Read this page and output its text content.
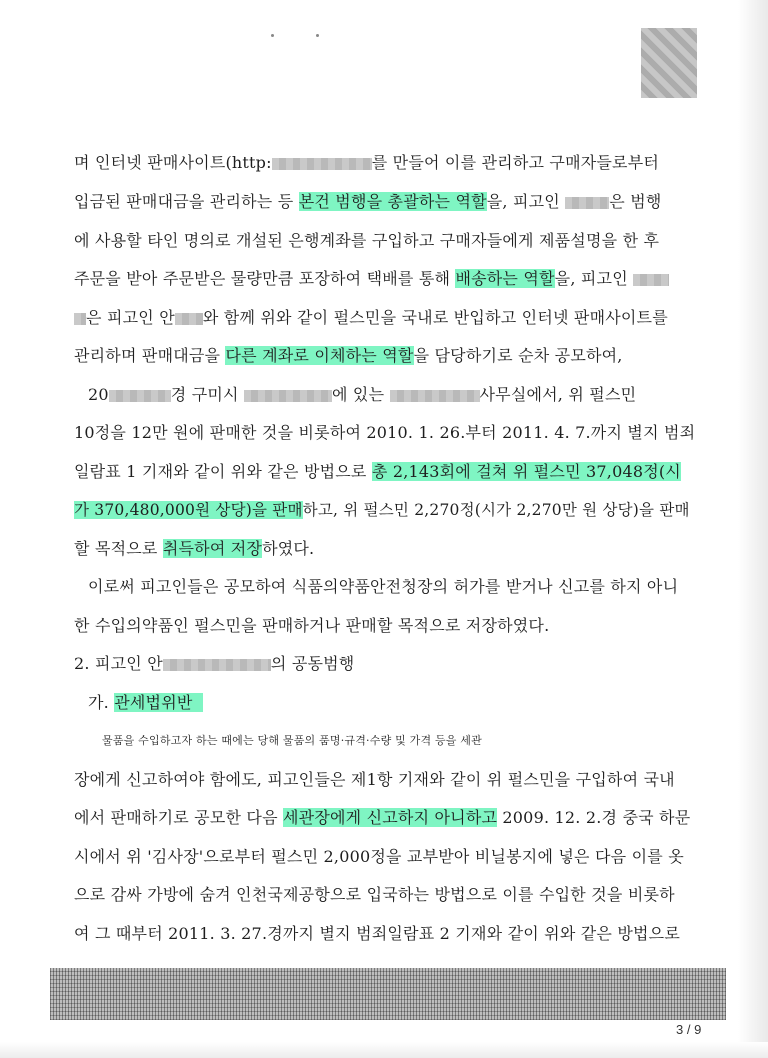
며 인터넷 판매사이트(http:	를 만들어 이를 관리하고 구매자들로부터
입금된 판매대금을 관리하는 등 본건 범행을 총괄하는 역할을, 피고인	은 범행
에 사용할 타인 명의로 개설된 은행계좌를 구입하고 구매자들에게 제품설명을 한 후
주문을 받아 주문받은 물량만큼 포장하여 택배를 통해 배송하는 역할을, 피고인
은 피고인 안 와 함께 위와 같이 펄스민을 국내로 반입하고 인터넷 판매사이트를
관리하며 판매대금을 다른 계좌로 이체하는 역할을 담당하기로 순차 공모하여,
20	경 구미시	에 있는	사무실에서, 위 펄스민
10정을 12만 원에 판매한 것을 비롯하여 2010. 1. 26.부터 2011. 4. 7.까지 별지 범죄
일람표 1 기재와 같이 위와 같은 방법으로 총 2,143회에 걸쳐 위 펄스민 37,048정(시
가 370,480,000원 상당)을 판매하고, 위 펄스민 2,270정(시가 2,270만 원 상당)을 판매
할 목적으로 취득하여 저장하였다.
이로써 피고인들은 공모하여 식품의약품안전청장의 허가를 받거나 신고를 하지 아니
한 수입의약품인 펄스민을 판매하거나 판매할 목적으로 저장하였다.
2. 피고인 안	의 공동범행
가. 관세법위반
물품을 수입하고자 하는 때에는 당해 물품의 품명·규격·수량 및 가격 등을 세관
장에게 신고하여야 함에도, 피고인들은 제1항 기재와 같이 위 펄스민을 구입하여 국내
에서 판매하기로 공모한 다음 세관장에게 신고하지 아니하고 2009. 12. 2.경 중국 하문
시에서 위 '김사장'으로부터 펄스민 2,000정을 교부받아 비닐봉지에 넣은 다음 이를 옷
으로 감싸 가방에 숨겨 인천국제공항으로 입국하는 방법으로 이를 수입한 것을 비롯하
여 그 때부터 2011. 3. 27.경까지 별지 범죄일람표 2 기재와 같이 위와 같은 방법으로
3 / 9
